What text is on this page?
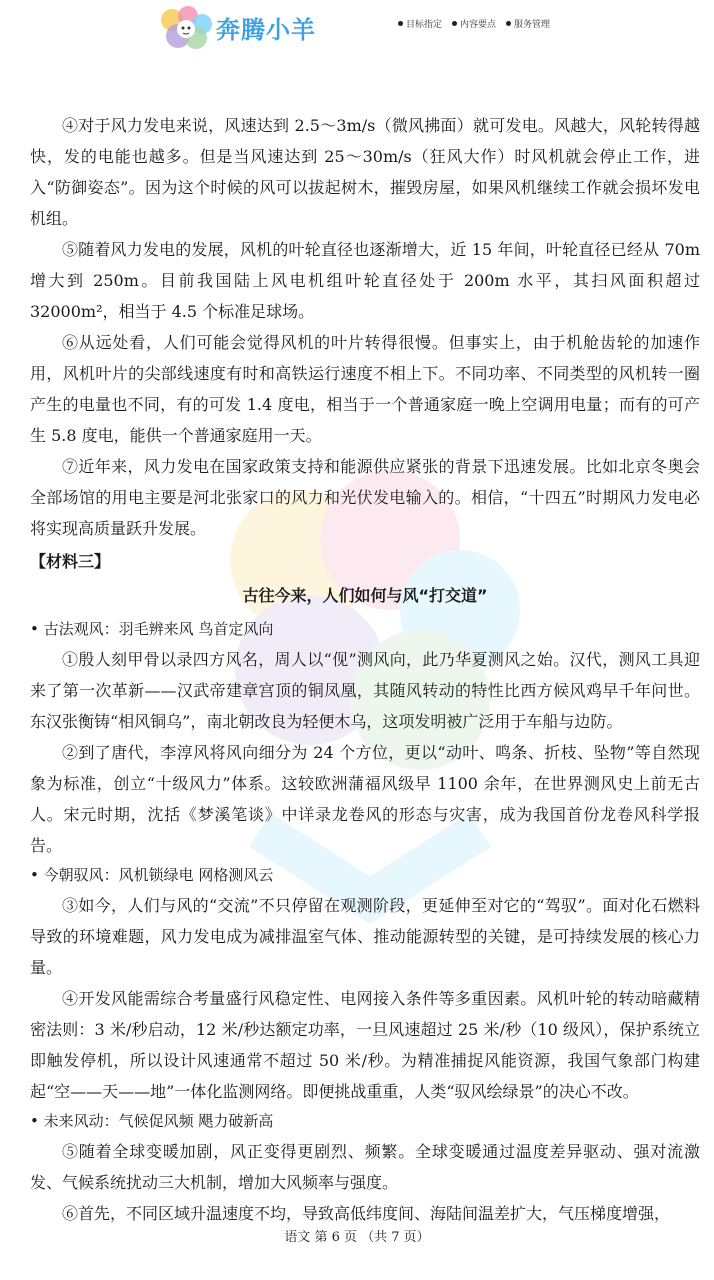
奔腾小羊	目标指定 内容要点 服务管理

④对于风力发电来说，风速达到 2.5～3m/s（微风拂面）就可发电。风越大，风轮转得越快，发的电能也越多。但是当风速达到 25～30m/s（狂风大作）时风机就会停止工作，进入“防御姿态”。因为这个时候的风可以拔起树木，摧毁房屋，如果风机继续工作就会损坏发电机组。

⑤随着风力发电的发展，风机的叶轮直径也逐渐增大，近 15 年间，叶轮直径已经从 70m 增大到 250m。目前我国陆上风电机组叶轮直径处于 200m 水平，其扫风面积超过 32000m²，相当于 4.5 个标准足球场。

⑥从远处看，人们可能会觉得风机的叶片转得很慢。但事实上，由于机舱齿轮的加速作用，风机叶片的尖部线速度有时和高铁运行速度不相上下。不同功率、不同类型的风机转一圈产生的电量也不同，有的可发 1.4 度电，相当于一个普通家庭一晚上空调用电量；而有的可产生 5.8 度电，能供一个普通家庭用一天。

⑦近年来，风力发电在国家政策支持和能源供应紧张的背景下迅速发展。比如北京冬奥会全部场馆的用电主要是河北张家口的风力和光伏发电输入的。相信，“十四五”时期风力发电必将实现高质量跃升发展。

【材料三】
古往今来，人们如何与风“打交道”

• 古法观风：羽毛辨来风 鸟首定风向

①殷人刻甲骨以录四方风名，周人以“伣”测风向，此乃华夏测风之始。汉代，测风工具迎来了第一次革新——汉武帝建章宫顶的铜凤凰，其随风转动的特性比西方候风鸡早千年问世。东汉张衡铸“相风铜乌”，南北朝改良为轻便木乌，这项发明被广泛用于车船与边防。

②到了唐代，李淳风将风向细分为 24 个方位，更以“动叶、鸣条、折枝、坠物”等自然现象为标准，创立“十级风力”体系。这较欧洲蒲福风级早 1100 余年，在世界测风史上前无古人。宋元时期，沈括《梦溪笔谈》中详录龙卷风的形态与灾害，成为我国首份龙卷风科学报告。

• 今朝驭风：风机锁绿电 网格测风云

③如今，人们与风的“交流”不只停留在观测阶段，更延伸至对它的“驾驭”。面对化石燃料导致的环境难题，风力发电成为减排温室气体、推动能源转型的关键，是可持续发展的核心力量。

④开发风能需综合考量盛行风稳定性、电网接入条件等多重因素。风机叶轮的转动暗藏精密法则：3 米/秒启动，12 米/秒达额定功率，一旦风速超过 25 米/秒（10 级风），保护系统立即触发停机，所以设计风速通常不超过 50 米/秒。为精准捕捉风能资源，我国气象部门构建起“空——天——地”一体化监测网络。即便挑战重重，人类“驭风绘绿景”的决心不改。

• 未来风动：气候促风频 飓力破新高

⑤随着全球变暖加剧，风正变得更剧烈、频繁。全球变暖通过温度差异驱动、强对流激发、气候系统扰动三大机制，增加大风频率与强度。

⑥首先，不同区域升温速度不均，导致高低纬度间、海陆间温差扩大，气压梯度增强，

语文 第 6 页 （共 7 页）
